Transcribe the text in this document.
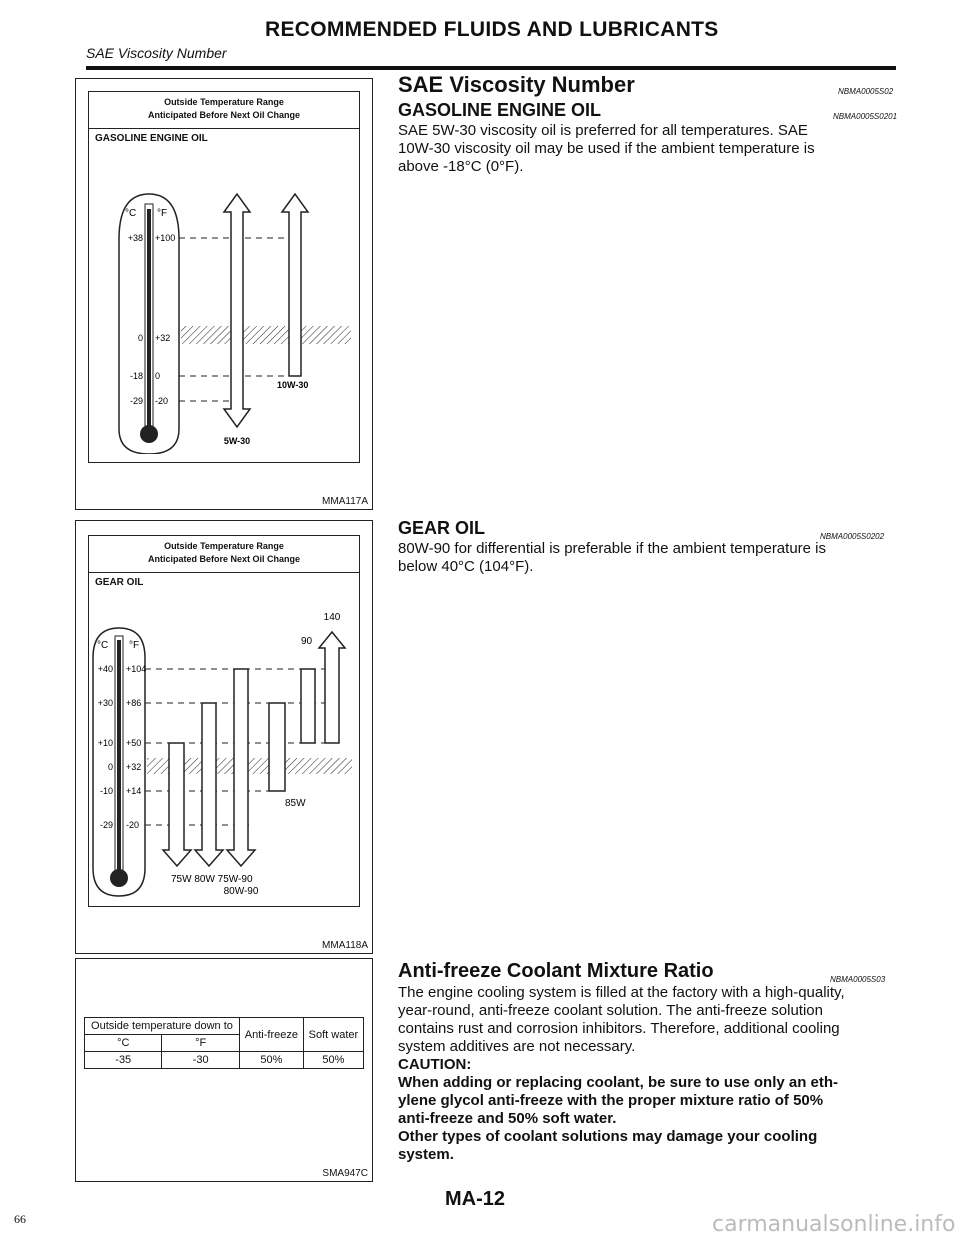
RECOMMENDED FLUIDS AND LUBRICANTS
SAE Viscosity Number
Outside Temperature Range
Anticipated Before Next Oil Change
GASOLINE ENGINE OIL
°C °F
+38
0
-18
-29
+100
+32
0
-20
10W-30
5W-30
MMA117A
Outside Temperature Range
Anticipated Before Next Oil Change
GEAR OIL
°C °F
+40
+30
+10
0
-10
-29
+104
+86
+50
+32
+14
-20
140
90
85W
75W 80W 75W-90
80W-90
MMA118A
Outside temperature down to		Anti-freeze	Soft water
°C	°F		
-35	-30	50%	50%
SMA947C
SAE Viscosity Number	NBMA0005S02
GASOLINE ENGINE OIL	NBMA0005S0201
SAE 5W-30 viscosity oil is preferred for all temperatures. SAE
10W-30 viscosity oil may be used if the ambient temperature is
above -18°C (0°F).
GEAR OIL	NBMA0005S0202
80W-90 for differential is preferable if the ambient temperature is
below 40°C (104°F).
Anti-freeze Coolant Mixture Ratio	NBMA0005S03
The engine cooling system is filled at the factory with a high-quality,
year-round, anti-freeze coolant solution. The anti-freeze solution
contains rust and corrosion inhibitors. Therefore, additional cooling
system additives are not necessary.
CAUTION:
When adding or replacing coolant, be sure to use only an eth-
ylene glycol anti-freeze with the proper mixture ratio of 50%
anti-freeze and 50% soft water.
Other types of coolant solutions may damage your cooling
system.
MA-12
66	carmanualsonline.info
